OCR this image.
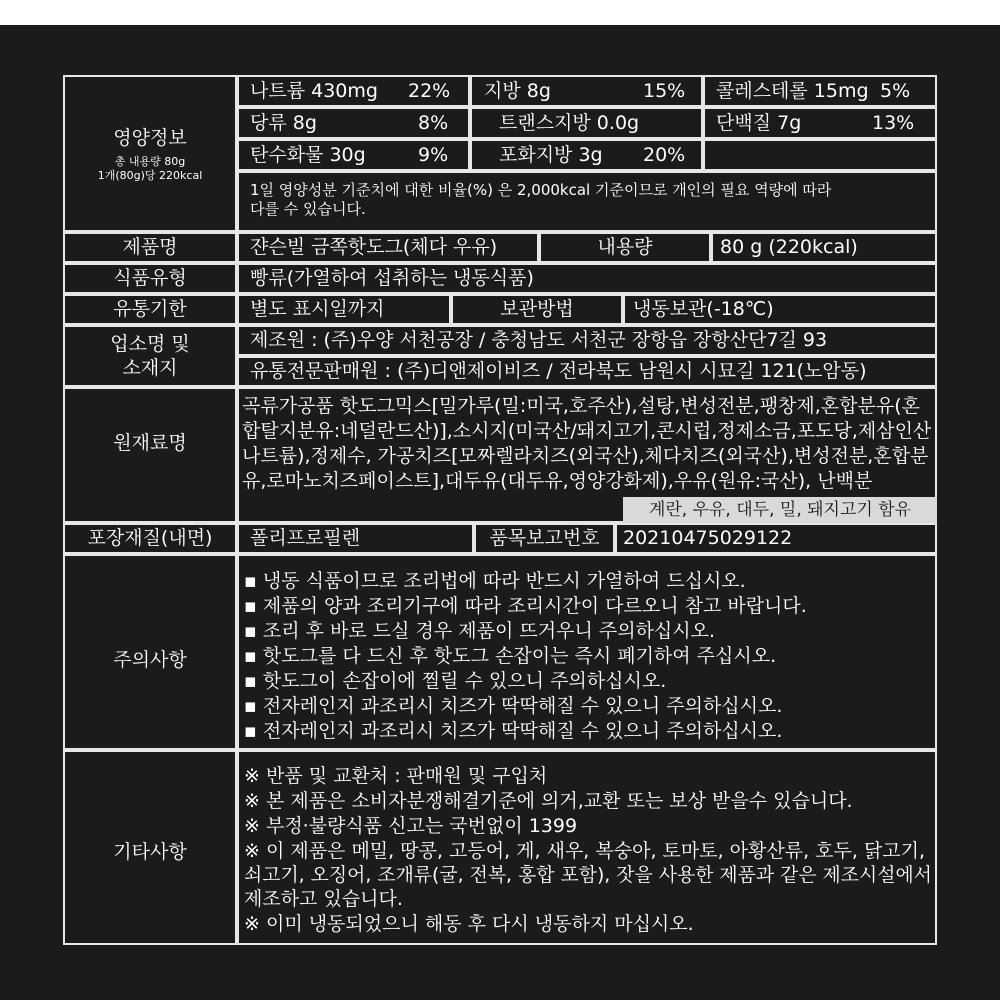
영양정보
총 내용량 80g
1개(80g)당 220kcal
나트륨 430mg 22% 지방 8g	15% 콜레스테롤 15mg 5%
당류 8g	8%	트랜스지방 0.0g	단백질 7g	13%
탄수화물 30g	9%	포화지방 3g 20%
1일 영양성분 기준치에 대한 비율(%) 은 2,000kcal 기준이므로 개인의 필요 역량에 따라
다를 수 있습니다.
제품명	쟌슨빌 금쪽핫도그(체다 우유)	내용량	80 g (220kcal)
식품유형	빵류(가열하여 섭취하는 냉동식품)
유통기한	별도 표시일까지	보관방법	냉동보관(-18℃)
업소명 및
소재지
제조원 : (주)우양 서천공장 / 충청남도 서천군 장항읍 장항산단7길 93
유통전문판매원 : (주)디앤제이비즈 / 전라북도 남원시 시묘길 121(노암동)
원재료명
곡류가공품 핫도그믹스[밀가루(밀:미국,호주산),설탕,변성전분,팽창제,혼합분유(혼
합탈지분유:네덜란드산)],소시지(미국산/돼지고기,콘시럽,정제소금,포도당,제삼인산
나트륨),정제수, 가공치즈[모짜렐라치즈(외국산),체다치즈(외국산),변성전분,혼합분
유,로마노치즈페이스트],대두유(대두유,영양강화제),우유(원유:국산), 난백분
계란, 우유, 대두, 밀, 돼지고기 함유
포장재질(내면)	폴리프로필렌	품목보고번호	20210475029122
주의사항
▪ 냉동 식품이므로 조리법에 따라 반드시 가열하여 드십시오.
▪ 제품의 양과 조리기구에 따라 조리시간이 다르오니 참고 바랍니다.
▪ 조리 후 바로 드실 경우 제품이 뜨거우니 주의하십시오.
▪ 핫도그를 다 드신 후 핫도그 손잡이는 즉시 폐기하여 주십시오.
▪ 핫도그이 손잡이에 찔릴 수 있으니 주의하십시오.
▪ 전자레인지 과조리시 치즈가 딱딱해질 수 있으니 주의하십시오.
▪ 전자레인지 과조리시 치즈가 딱딱해질 수 있으니 주의하십시오.
기타사항
※ 반품 및 교환처 : 판매원 및 구입처
※ 본 제품은 소비자분쟁해결기준에 의거,교환 또는 보상 받을수 있습니다.
※ 부정·불량식품 신고는 국번없이 1399
※ 이 제품은 메밀, 땅콩, 고등어, 게, 새우, 복숭아, 토마토, 아황산류, 호두, 닭고기,
쇠고기, 오징어, 조개류(굴, 전복, 홍합 포함), 잣을 사용한 제품과 같은 제조시설에서
제조하고 있습니다.
※ 이미 냉동되었으니 해동 후 다시 냉동하지 마십시오.
